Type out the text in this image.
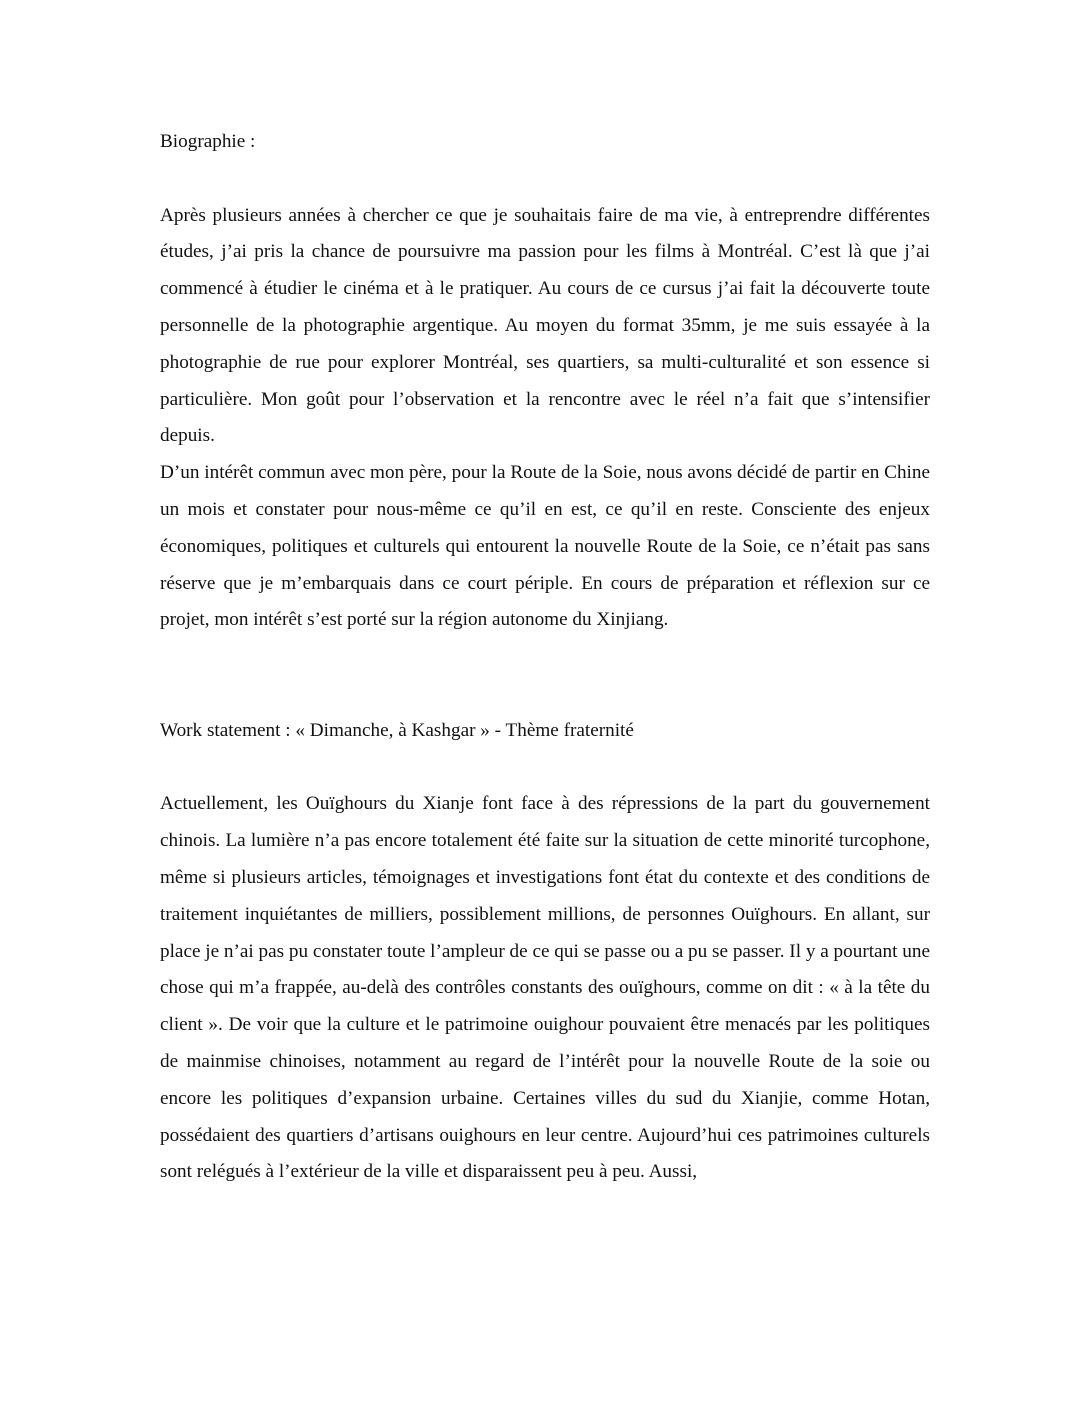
Biographie :

Après plusieurs années à chercher ce que je souhaitais faire de ma vie, à entreprendre différentes études, j’ai pris la chance de poursuivre ma passion pour les films à Montréal. C’est là que j’ai commencé à étudier le cinéma et à le pratiquer. Au cours de ce cursus j’ai fait la découverte toute personnelle de la photographie argentique. Au moyen du format 35mm, je me suis essayée à la photographie de rue pour explorer Montréal, ses quartiers, sa multi-culturalité et son essence si particulière. Mon goût pour l’observation et la rencontre avec le réel n’a fait que s’intensifier depuis.

D’un intérêt commun avec mon père, pour la Route de la Soie, nous avons décidé de partir en Chine un mois et constater pour nous-même ce qu’il en est, ce qu’il en reste. Consciente des enjeux économiques, politiques et culturels qui entourent la nouvelle Route de la Soie, ce n’était pas sans réserve que je m’embarquais dans ce court périple. En cours de préparation et réflexion sur ce projet, mon intérêt s’est porté sur la région autonome du Xinjiang.

Work statement : « Dimanche, à Kashgar » - Thème fraternité

Actuellement, les Ouïghours du Xianje font face à des répressions de la part du gouvernement chinois. La lumière n’a pas encore totalement été faite sur la situation de cette minorité turcophone, même si plusieurs articles, témoignages et investigations font état du contexte et des conditions de traitement inquiétantes de milliers, possiblement millions, de personnes Ouïghours. En allant, sur place je n’ai pas pu constater toute l’ampleur de ce qui se passe ou a pu se passer. Il y a pourtant une chose qui m’a frappée, au-delà des contrôles constants des ouïghours, comme on dit : « à la tête du client ». De voir que la culture et le patrimoine ouighour pouvaient être menacés par les politiques de mainmise chinoises, notamment au regard de l’intérêt pour la nouvelle Route de la soie ou encore les politiques d’expansion urbaine. Certaines villes du sud du Xianjie, comme Hotan, possédaient des quartiers d’artisans ouighours en leur centre. Aujourd’hui ces patrimoines culturels sont relégués à l’extérieur de la ville et disparaissent peu à peu. Aussi,
